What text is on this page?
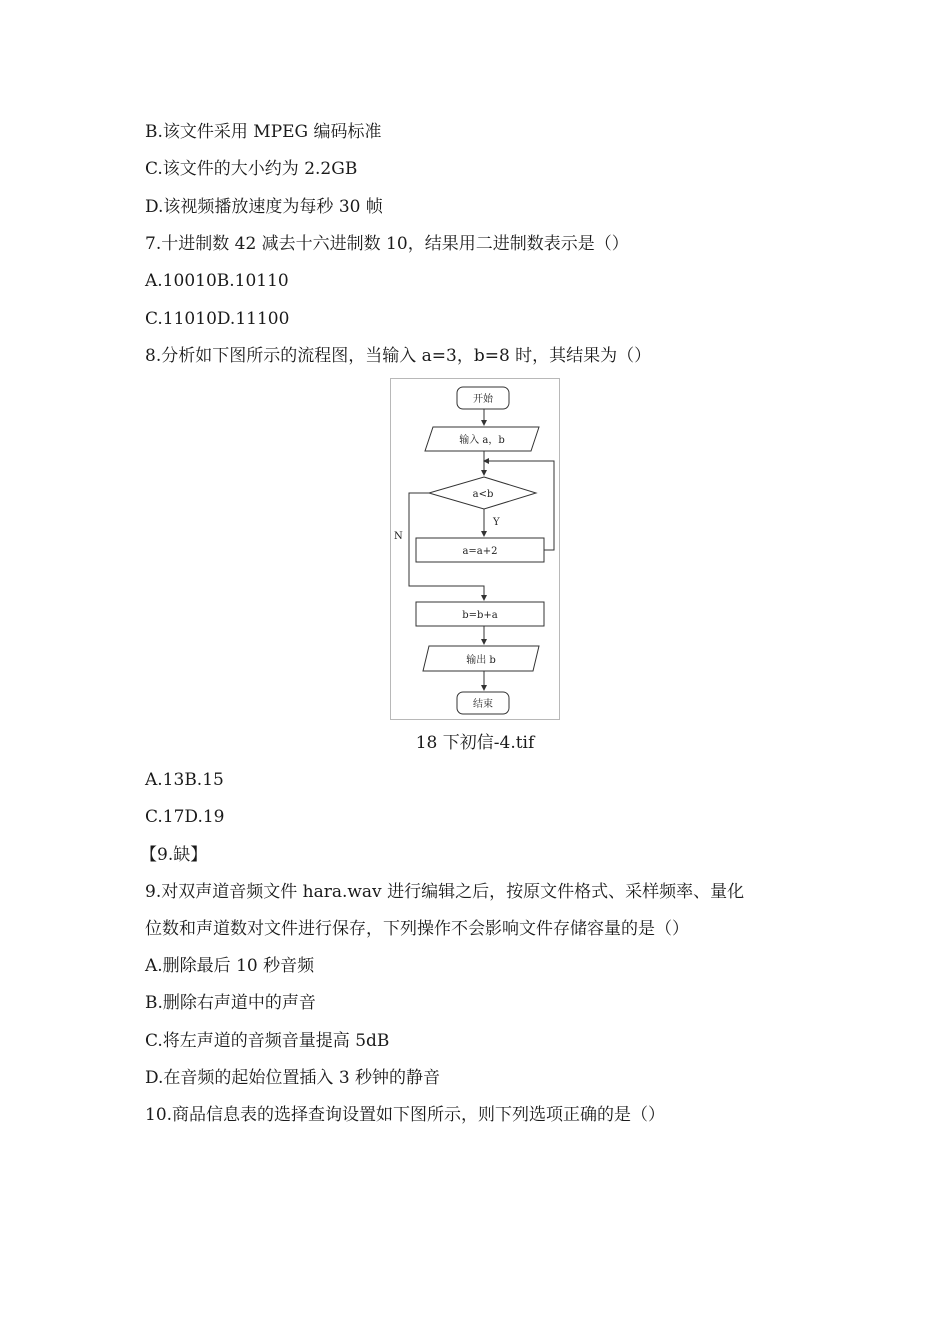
B.该文件采用 MPEG 编码标准
C.该文件的大小约为 2.2GB
D.该视频播放速度为每秒 30 帧
7.十进制数 42 减去十六进制数 10，结果用二进制数表示是（）
A.10010B.10110
C.11010D.11100
8.分析如下图所示的流程图，当输入 a=3，b=8 时，其结果为（）
开始
输入 a，b
a<b
Y
N
a=a+2
b=b+a
输出 b
结束
18 下初信-4.tif
A.13B.15
C.17D.19
【9.缺】
9.对双声道音频文件 hara.wav 进行编辑之后，按原文件格式、采样频率、量化
位数和声道数对文件进行保存，下列操作不会影响文件存储容量的是（）
A.删除最后 10 秒音频
B.删除右声道中的声音
C.将左声道的音频音量提高 5dB
D.在音频的起始位置插入 3 秒钟的静音
10.商品信息表的选择查询设置如下图所示，则下列选项正确的是（）
